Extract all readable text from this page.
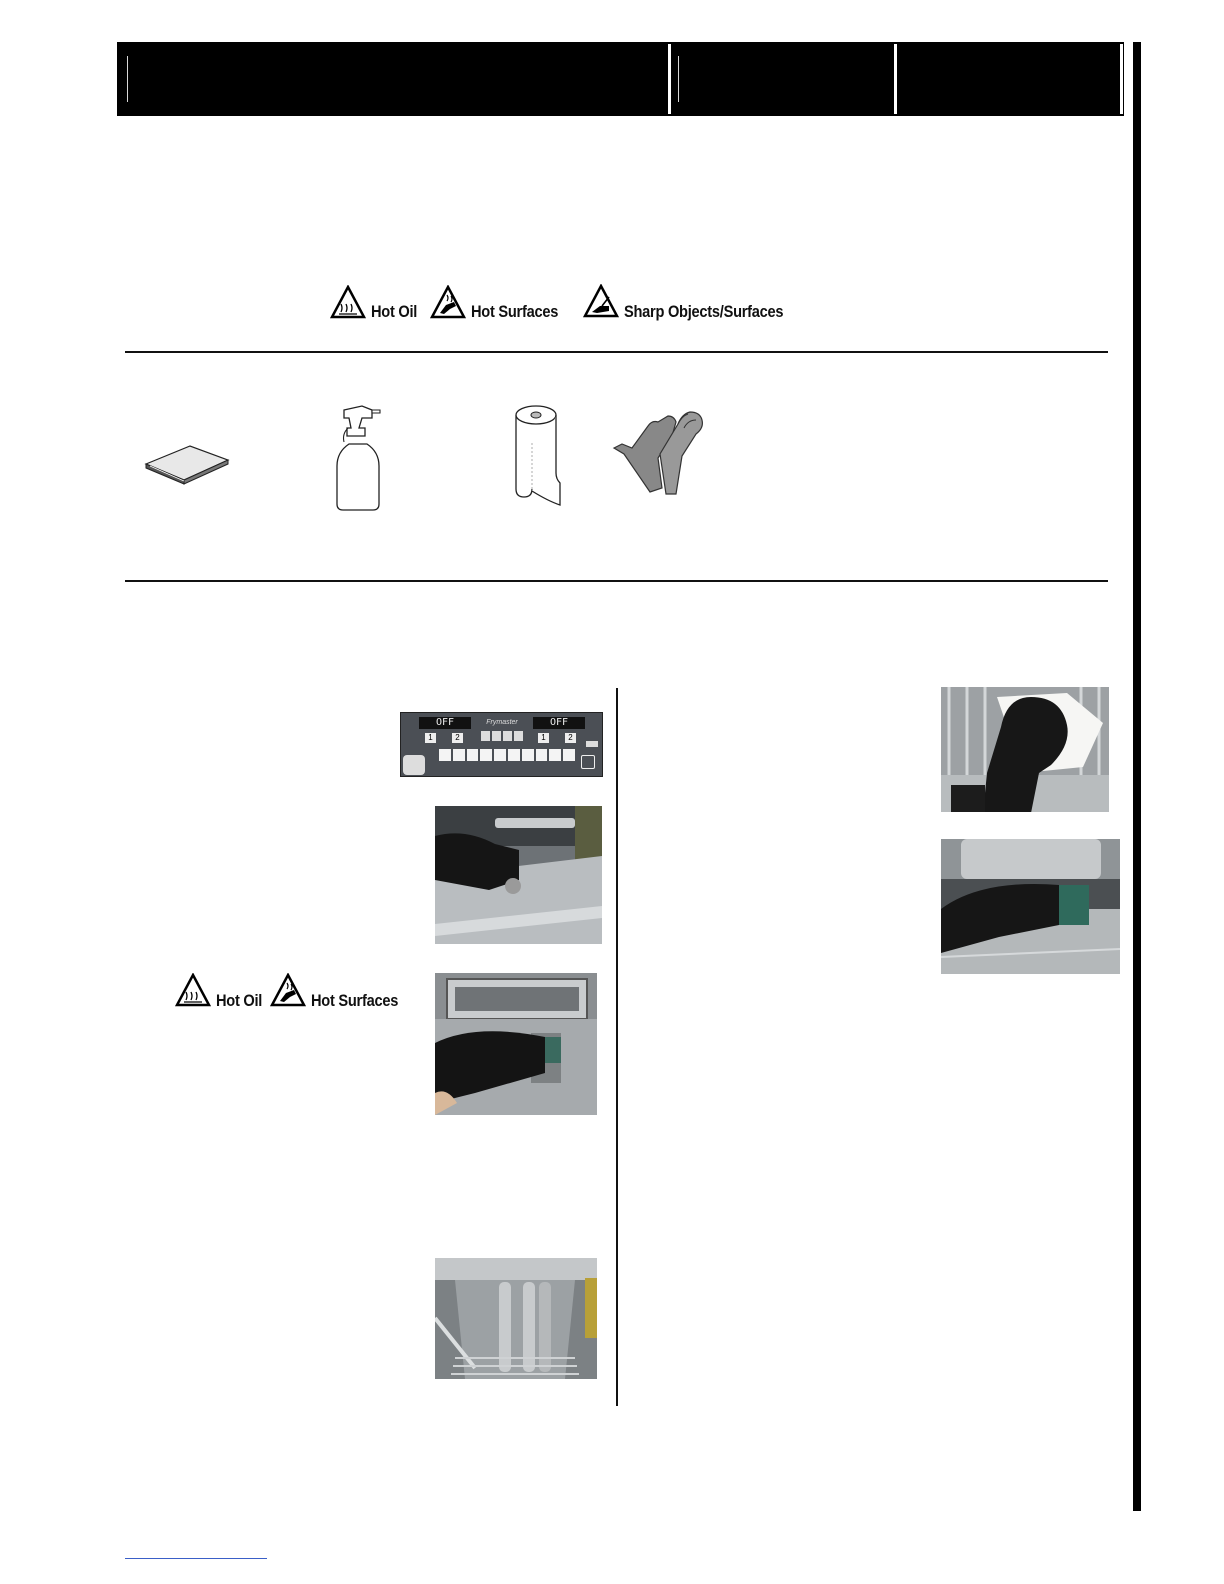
Hot Oil	Hot Surfaces	Sharp Objects/Surfaces
OFF	Frymaster	OFF
1	2	1	2
Hot Oil	Hot Surfaces
